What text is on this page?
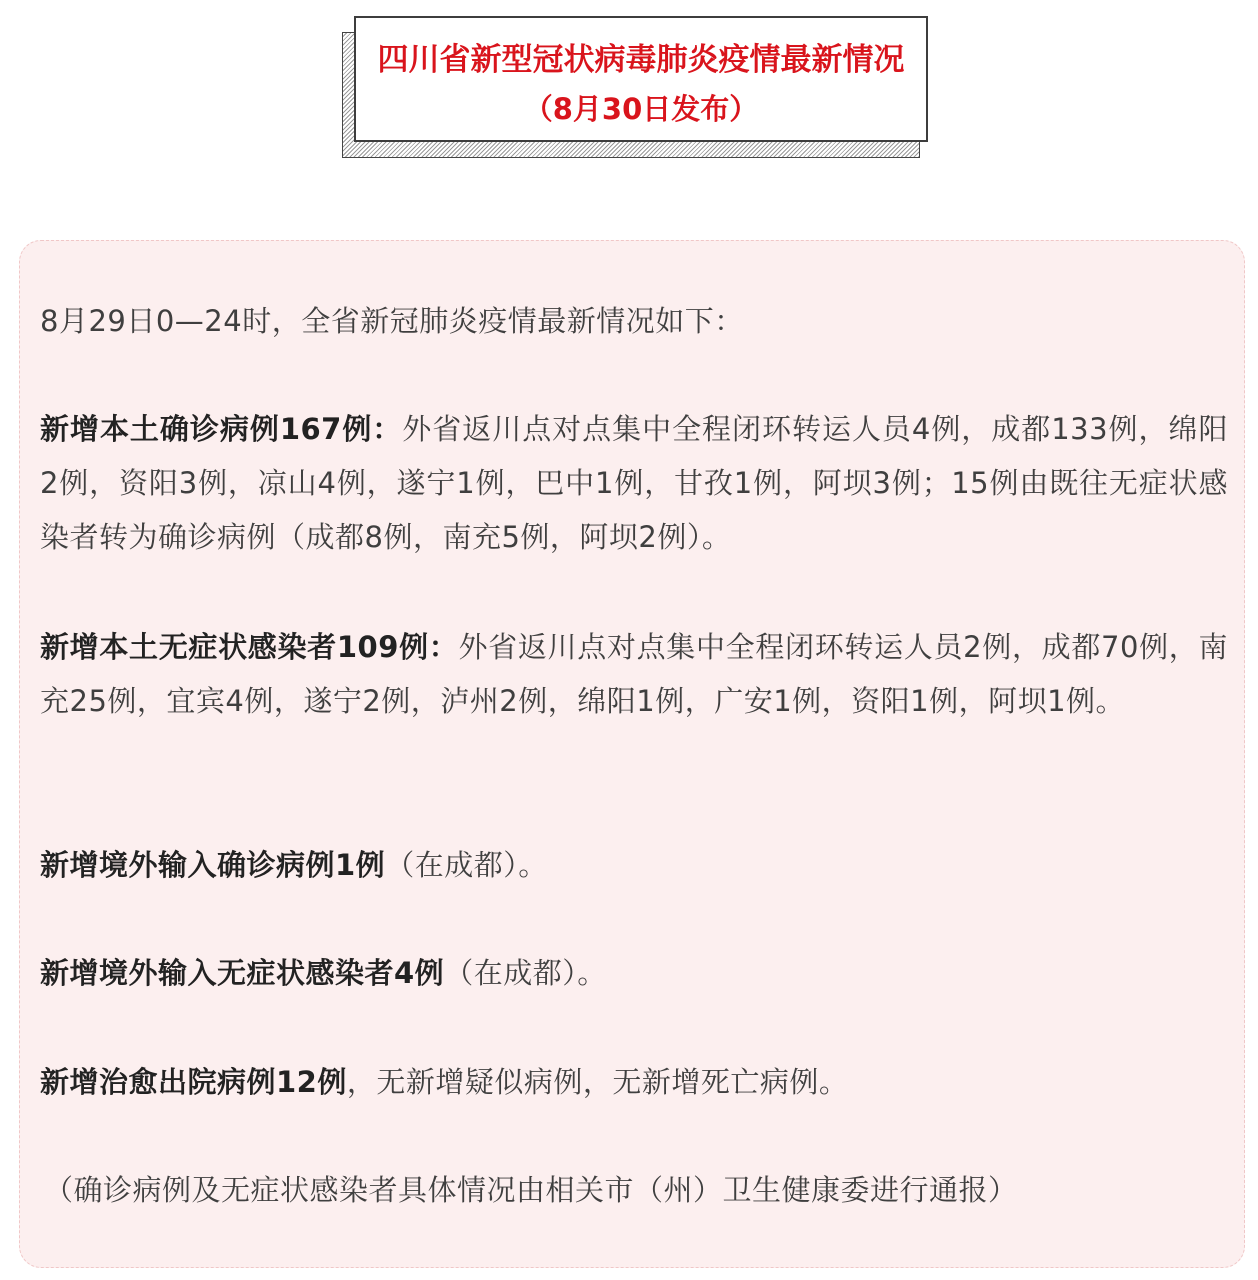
四川省新型冠状病毒肺炎疫情最新情况
（8月30日发布）
8月29日0—24时，全省新冠肺炎疫情最新情况如下：
新增本土确诊病例167例：外省返川点对点集中全程闭环转运人员4例，成都133例，绵阳2例，资阳3例，凉山4例，遂宁1例，巴中1例，甘孜1例，阿坝3例；15例由既往无症状感染者转为确诊病例（成都8例，南充5例，阿坝2例）。
新增本土无症状感染者109例：外省返川点对点集中全程闭环转运人员2例，成都70例，南充25例，宜宾4例，遂宁2例，泸州2例，绵阳1例，广安1例，资阳1例，阿坝1例。
新增境外输入确诊病例1例（在成都）。
新增境外输入无症状感染者4例（在成都）。
新增治愈出院病例12例，无新增疑似病例，无新增死亡病例。
（确诊病例及无症状感染者具体情况由相关市（州）卫生健康委进行通报）
